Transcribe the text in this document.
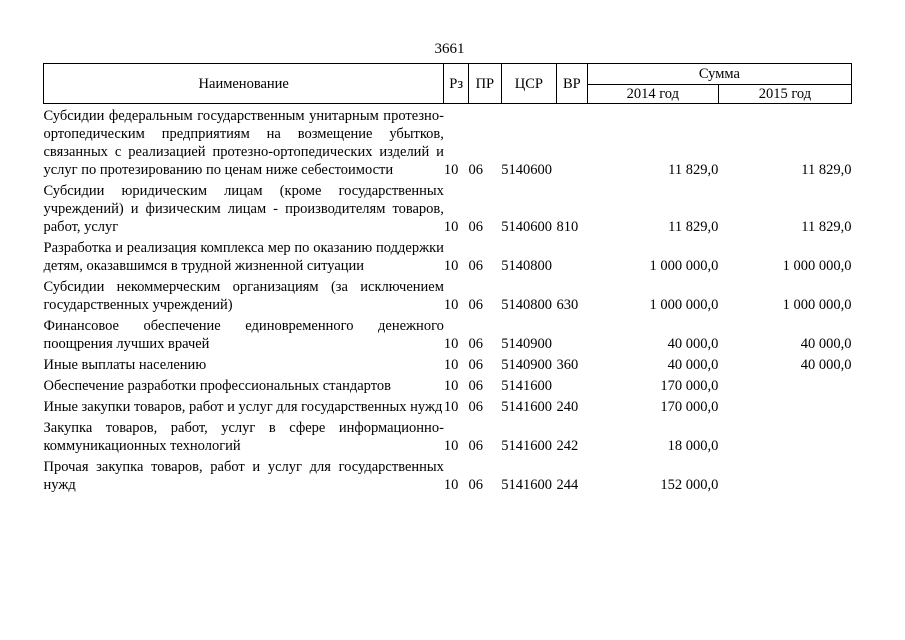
3661
Наименование	Рз	ПР	ЦСР	ВР	Сумма	
					2014 год	2015 год

Субсидии федеральным государственным унитарным протезно-ортопедическим предприятиям на возмещение убытков, связанных с реализацией протезно-ортопедических изделий и услуг по протезированию по ценам ниже себестоимости	10	06	5140600		11 829,0	11 829,0

Субсидии юридическим лицам (кроме государственных учреждений) и физическим лицам - производителям товаров, работ, услуг	10	06	5140600	810	11 829,0	11 829,0

Разработка и реализация комплекса мер по оказанию поддержки детям, оказавшимся в трудной жизненной ситуации	10	06	5140800		1 000 000,0	1 000 000,0

Субсидии некоммерческим организациям (за исключением государственных учреждений)	10	06	5140800	630	1 000 000,0	1 000 000,0

Финансовое обеспечение единовременного денежного поощрения лучших врачей	10	06	5140900		40 000,0	40 000,0

Иные выплаты населению	10	06	5140900	360	40 000,0	40 000,0

Обеспечение разработки профессиональных стандартов	10	06	5141600		170 000,0	

Иные закупки товаров, работ и услуг для государственных нужд	10	06	5141600	240	170 000,0	

Закупка товаров, работ, услуг в сфере информационно-коммуникационных технологий	10	06	5141600	242	18 000,0	

Прочая закупка товаров, работ и услуг для государственных нужд	10	06	5141600	244	152 000,0	
